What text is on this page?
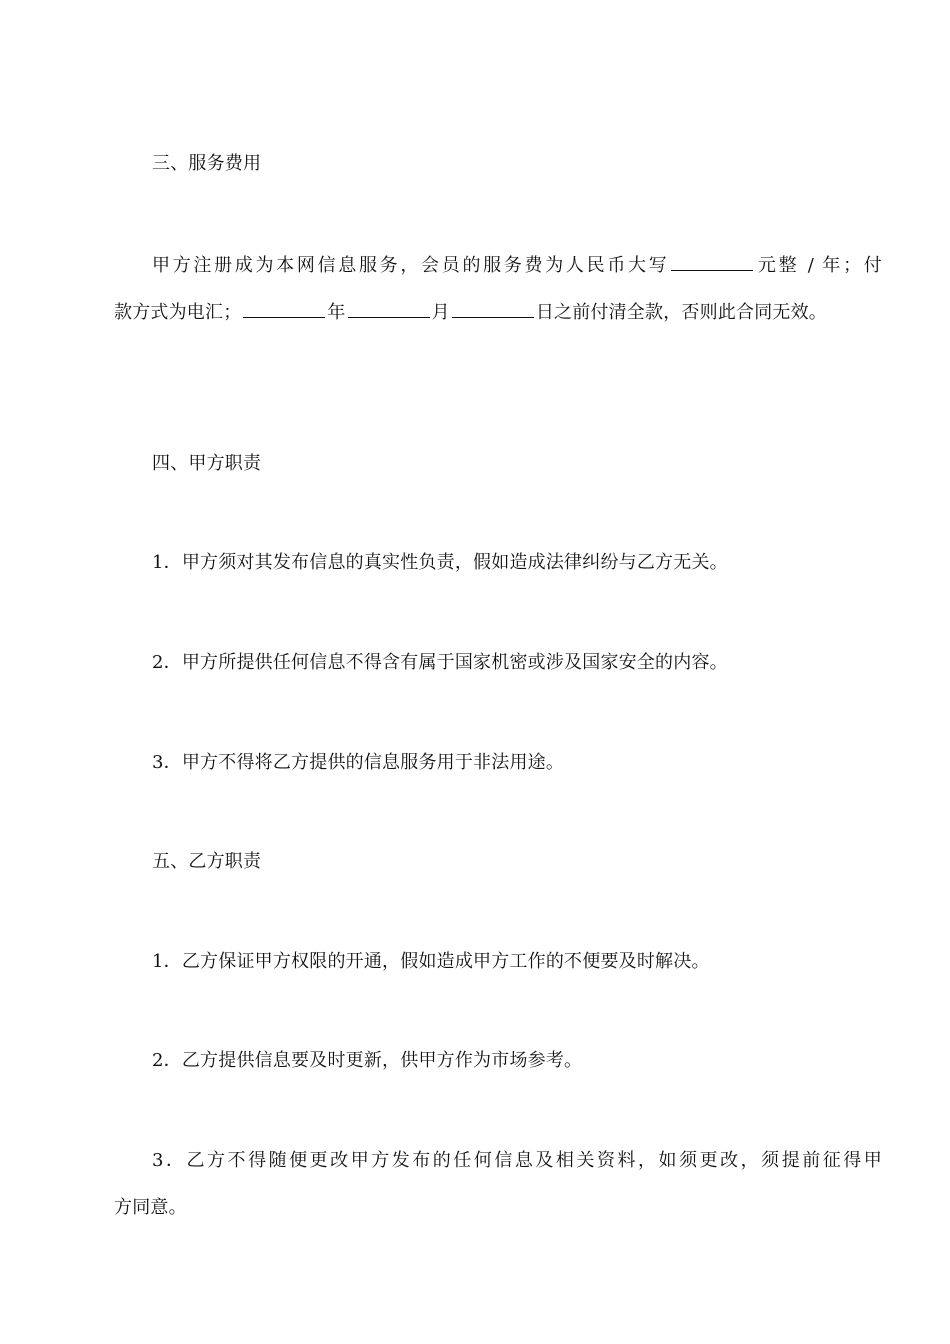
三、服务费用
甲方注册成为本网信息服务，会员的服务费为人民币大写	元整 / 年；付
款方式为电汇；	年	月	日之前付清全款，否则此合同无效。
四、甲方职责
1．甲方须对其发布信息的真实性负责，假如造成法律纠纷与乙方无关。
2．甲方所提供任何信息不得含有属于国家机密或涉及国家安全的内容。
3．甲方不得将乙方提供的信息服务用于非法用途。
五、乙方职责
1．乙方保证甲方权限的开通，假如造成甲方工作的不便要及时解决。
2．乙方提供信息要及时更新，供甲方作为市场参考。
3．乙方不得随便更改甲方发布的任何信息及相关资料，如须更改，须提前征得甲
方同意。
